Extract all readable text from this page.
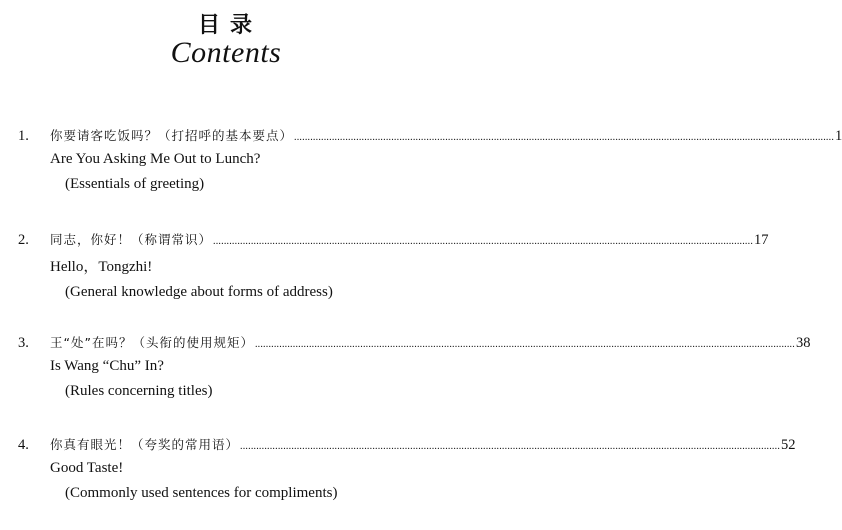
目录
Contents
1.	你要请客吃饭吗？（打招呼的基本要点） ........................................................................................................................................................................................................ 1
Are You Asking Me Out to Lunch?
(Essentials of greeting)
2.	同志，你好！（称谓常识） ........................................................................................................................................................................................................ 17
Hello，Tongzhi!
(General knowledge about forms of address)
3.	王“处”在吗？（头衔的使用规矩） ........................................................................................................................................................................................................ 38
Is Wang “Chu” In?
(Rules concerning titles)
4.	你真有眼光！（夸奖的常用语） ........................................................................................................................................................................................................ 52
Good Taste!
(Commonly used sentences for compliments)
